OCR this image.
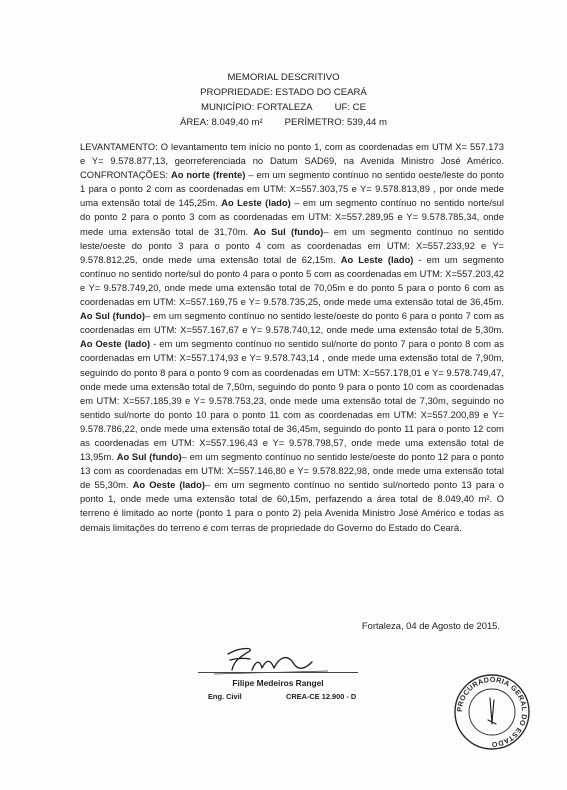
MEMORIAL DESCRITIVO
PROPRIEDADE: ESTADO DO CEARÁ
MUNICÍPIO: FORTALEZA UF: CE
ÁREA: 8.049,40 m² PERÍMETRO: 539,44 m
LEVANTAMENTO: O levantamento tem início no ponto 1, com as coordenadas em UTM X= 557.173 e Y= 9.578.877,13, georreferenciada no Datum SAD69, na Avenida Ministro José Américo. CONFRONTAÇÕES: Ao norte (frente) – em um segmento contínuo no sentido oeste/leste do ponto 1 para o ponto 2 com as coordenadas em UTM: X=557.303,75 e Y= 9.578.813,89 , por onde mede uma extensão total de 145,25m. Ao Leste (lado) – em um segmento contínuo no sentido norte/sul do ponto 2 para o ponto 3 com as coordenadas em UTM: X=557.289,95 e Y= 9.578.785,34, onde mede uma extensão total de 31,70m. Ao Sul (fundo)– em um segmento contínuo no sentido leste/oeste do ponto 3 para o ponto 4 com as coordenadas em UTM: X=557.233,92 e Y= 9.578.812,25, onde mede uma extensão total de 62,15m. Ao Leste (lado) - em um segmento contínuo no sentido norte/sul do ponto 4 para o ponto 5 com as coordenadas em UTM: X=557.203,42 e Y= 9.578.749,20, onde mede uma extensão total de 70,05m e do ponto 5 para o ponto 6 com as coordenadas em UTM: X=557.169,75 e Y= 9.578.735,25, onde mede uma extensão total de 36,45m. Ao Sul (fundo)– em um segmento contínuo no sentido leste/oeste do ponto 6 para o ponto 7 com as coordenadas em UTM: X=557.167,67 e Y= 9.578.740,12, onde mede uma extensão total de 5,30m. Ao Oeste (lado) - em um segmento contínuo no sentido sul/norte do ponto 7 para o ponto 8 com as coordenadas em UTM: X=557.174,93 e Y= 9.578.743,14 , onde mede uma extensão total de 7,90m, seguindo do ponto 8 para o ponto 9 com as coordenadas em UTM: X=557.178,01 e Y= 9.578.749,47, onde mede uma extensão total de 7,50m, seguindo do ponto 9 para o ponto 10 com as coordenadas em UTM: X=557.185,39 e Y= 9.578.753,23, onde mede uma extensão total de 7,30m, seguindo no sentido sul/norte do ponto 10 para o ponto 11 com as coordenadas em UTM: X=557.200,89 e Y= 9.578.786,22, onde mede uma extensão total de 36,45m, seguindo do ponto 11 para o ponto 12 com as coordenadas em UTM: X=557.196,43 e Y= 9.578.798,57, onde mede uma extensão total de 13,95m. Ao Sul (fundo)– em um segmento contínuo no sentido leste/oeste do ponto 12 para o ponto 13 com as coordenadas em UTM: X=557.146,80 e Y= 9.578.822,98, onde mede uma extensão total de 55,30m. Ao Oeste (lado)– em um segmento contínuo no sentido sul/nortedo ponto 13 para o ponto 1, onde mede uma extensão total de 60,15m, perfazendo a área total de 8.049,40 m². O terreno é limitado ao norte (ponto 1 para o ponto 2) pela Avenida Ministro José Américo e todas as demais limitações do terreno é com terras de propriedade do Governo do Estado do Ceará.
Fortaleza, 04 de Agosto de 2015.
Filipe Medeiros Rangel
Eng. Civil	CREA-CE 12.900 - D
PROCURADORIA GERAL DO ESTADO
